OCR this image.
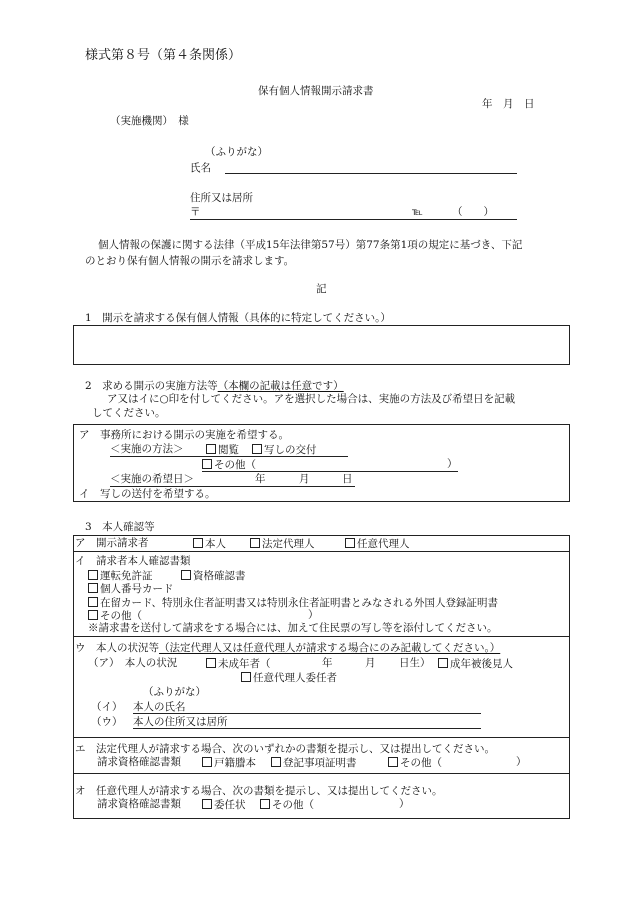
様式第８号（第４条関係）
保有個人情報開示請求書
年　月　日
（実施機関）　様
（ふりがな）
氏名
住所又は居所
〒	℡	（　　）
個人情報の保護に関する法律（平成15年法律第57号）第77条第1項の規定に基づき、下記
のとおり保有個人情報の開示を請求します。
記
1　開示を請求する保有個人情報（具体的に特定してください。）
2　求める開示の実施方法等（本欄の記載は任意です）
ア又はイに○印を付してください。アを選択した場合は、実施の方法及び希望日を記載
してください。
ア　事務所における開示の実施を希望する。
＜実施の方法＞	閲覧	写しの交付
その他（	）
＜実施の希望日＞	年	月	日
イ　写しの送付を希望する。
3　本人確認等
ア　開示請求者	本人	法定代理人	任意代理人
イ　請求者本人確認書類
運転免許証	資格確認書
個人番号カード
在留カード、特別永住者証明書又は特別永住者証明書とみなされる外国人登録証明書
その他（	）
※請求書を送付して請求をする場合には、加えて住民票の写し等を添付してください。
ウ　本人の状況等（法定代理人又は任意代理人が請求する場合にのみ記載してください。）
（ア）　本人の状況	未成年者（	年	月 日生）	成年被後見人
任意代理人委任者
（ふりがな）
（イ） 本人の氏名
（ウ） 本人の住所又は居所
エ　法定代理人が請求する場合、次のいずれかの書類を提示し、又は提出してください。
請求資格確認書類	戸籍謄本	登記事項証明書	その他（	）
オ　任意代理人が請求する場合、次の書類を提示し、又は提出してください。
請求資格確認書類	委任状	その他（	）
